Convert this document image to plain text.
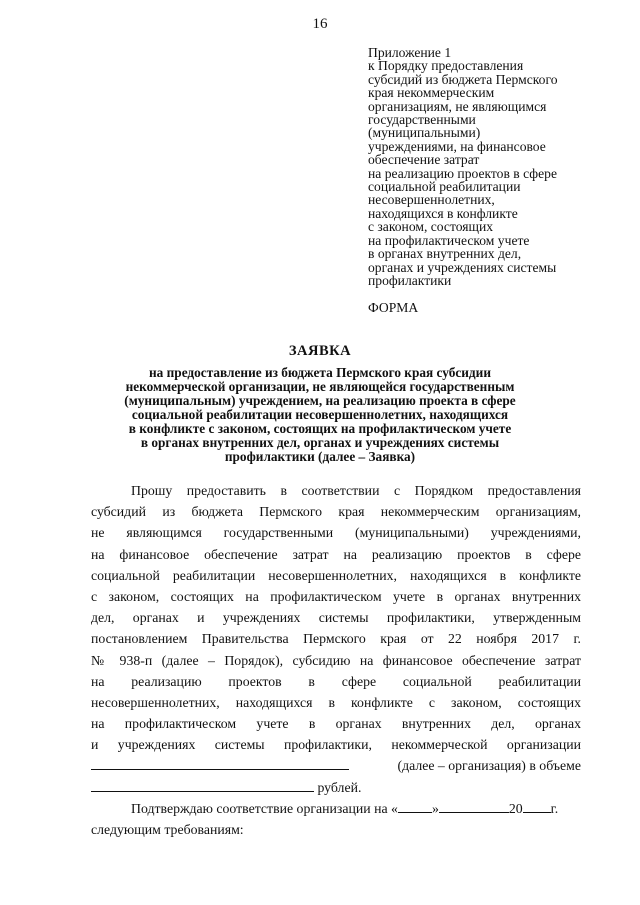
16
Приложение 1
к Порядку предоставления
субсидий из бюджета Пермского
края некоммерческим
организациям, не являющимся
государственными
(муниципальными)
учреждениями, на финансовое
обеспечение затрат
на реализацию проектов в сфере
социальной реабилитации
несовершеннолетних,
находящихся в конфликте
с законом, состоящих
на профилактическом учете
в органах внутренних дел,
органах и учреждениях системы
профилактики
ФОРМА
ЗАЯВКА
на предоставление из бюджета Пермского края субсидии
некоммерческой организации, не являющейся государственным
(муниципальным) учреждением, на реализацию проекта в сфере
социальной реабилитации несовершеннолетних, находящихся
в конфликте с законом, состоящих на профилактическом учете
в органах внутренних дел, органах и учреждениях системы
профилактики (далее – Заявка)
Прошу предоставить в соответствии с Порядком предоставления
субсидий из бюджета Пермского края некоммерческим организациям,
не являющимся государственными (муниципальными) учреждениями,
на финансовое обеспечение затрат на реализацию проектов в сфере
социальной реабилитации несовершеннолетних, находящихся в конфликте
с законом, состоящих на профилактическом учете в органах внутренних
дел, органах и учреждениях системы профилактики, утвержденным
постановлением Правительства Пермского края от 22 ноября 2017 г.
№ 938-п (далее – Порядок), субсидию на финансовое обеспечение затрат
на реализацию проектов в сфере социальной реабилитации
несовершеннолетних, находящихся в конфликте с законом, состоящих
на профилактическом учете в органах внутренних дел, органах
и учреждениях системы профилактики, некоммерческой организации
(далее – организация) в объеме
рублей.
Подтверждаю соответствие организации на « »	20 г.
следующим требованиям:
